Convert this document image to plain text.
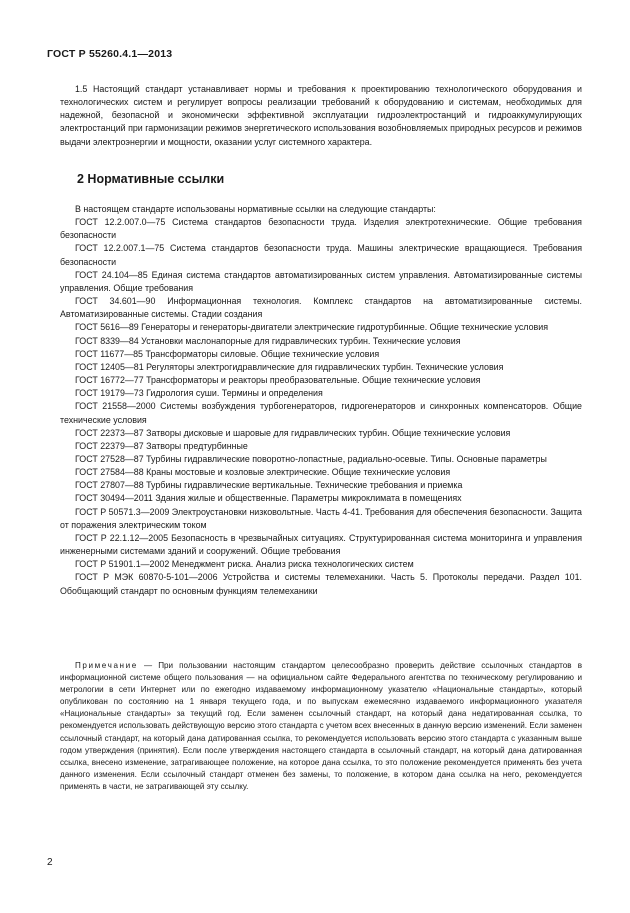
ГОСТ Р 55260.4.1—2013

1.5 Настоящий стандарт устанавливает нормы и требования к проектированию технологического оборудования и технологических систем и регулирует вопросы реализации требований к оборудованию и системам, необходимых для надежной, безопасной и экономически эффективной эксплуатации гидроэлектростанций и гидроаккумулирующих электростанций при гармонизации режимов энергетического использования возобновляемых природных ресурсов и режимов выдачи электроэнергии и мощности, оказании услуг системного характера.

2 Нормативные ссылки

В настоящем стандарте использованы нормативные ссылки на следующие стандарты:

ГОСТ 12.2.007.0—75 Система стандартов безопасности труда. Изделия электротехнические. Общие требования безопасности

ГОСТ 12.2.007.1—75 Система стандартов безопасности труда. Машины электрические вращающиеся. Требования безопасности

ГОСТ 24.104—85 Единая система стандартов автоматизированных систем управления. Автоматизированные системы управления. Общие требования

ГОСТ 34.601—90 Информационная технология. Комплекс стандартов на автоматизированные системы. Автоматизированные системы. Стадии создания

ГОСТ 5616—89 Генераторы и генераторы-двигатели электрические гидротурбинные. Общие технические условия

ГОСТ 8339—84 Установки маслонапорные для гидравлических турбин. Технические условия

ГОСТ 11677—85 Трансформаторы силовые. Общие технические условия

ГОСТ 12405—81 Регуляторы электрогидравлические для гидравлических турбин. Технические условия

ГОСТ 16772—77 Трансформаторы и реакторы преобразовательные. Общие технические условия

ГОСТ 19179—73 Гидрология суши. Термины и определения

ГОСТ 21558—2000 Системы возбуждения турбогенераторов, гидрогенераторов и синхронных компенсаторов. Общие технические условия

ГОСТ 22373—87 Затворы дисковые и шаровые для гидравлических турбин. Общие технические условия

ГОСТ 22379—87 Затворы предтурбинные

ГОСТ 27528—87 Турбины гидравлические поворотно-лопастные, радиально-осевые. Типы. Основные параметры

ГОСТ 27584—88 Краны мостовые и козловые электрические. Общие технические условия

ГОСТ 27807—88 Турбины гидравлические вертикальные. Технические требования и приемка

ГОСТ 30494—2011 Здания жилые и общественные. Параметры микроклимата в помещениях

ГОСТ Р 50571.3—2009 Электроустановки низковольтные. Часть 4-41. Требования для обеспечения безопасности. Защита от поражения электрическим током

ГОСТ Р 22.1.12—2005 Безопасность в чрезвычайных ситуациях. Структурированная система мониторинга и управления инженерными системами зданий и сооружений. Общие требования

ГОСТ Р 51901.1—2002 Менеджмент риска. Анализ риска технологических систем

ГОСТ Р МЭК 60870-5-101—2006 Устройства и системы телемеханики. Часть 5. Протоколы передачи. Раздел 101. Обобщающий стандарт по основным функциям телемеханики

Примечание — При пользовании настоящим стандартом целесообразно проверить действие ссылочных стандартов в информационной системе общего пользования — на официальном сайте Федерального агентства по техническому регулированию и метрологии в сети Интернет или по ежегодно издаваемому информационному указателю «Национальные стандарты», который опубликован по состоянию на 1 января текущего года, и по выпускам ежемесячно издаваемого информационного указателя «Национальные стандарты» за текущий год. Если заменен ссылочный стандарт, на который дана недатированная ссылка, то рекомендуется использовать действующую версию этого стандарта с учетом всех внесенных в данную версию изменений. Если заменен ссылочный стандарт, на который дана датированная ссылка, то рекомендуется использовать версию этого стандарта с указанным выше годом утверждения (принятия). Если после утверждения настоящего стандарта в ссылочный стандарт, на который дана датированная ссылка, внесено изменение, затрагивающее положение, на которое дана ссылка, то это положение рекомендуется применять без учета данного изменения. Если ссылочный стандарт отменен без замены, то положение, в котором дана ссылка на него, рекомендуется применять в части, не затрагивающей эту ссылку.

2
